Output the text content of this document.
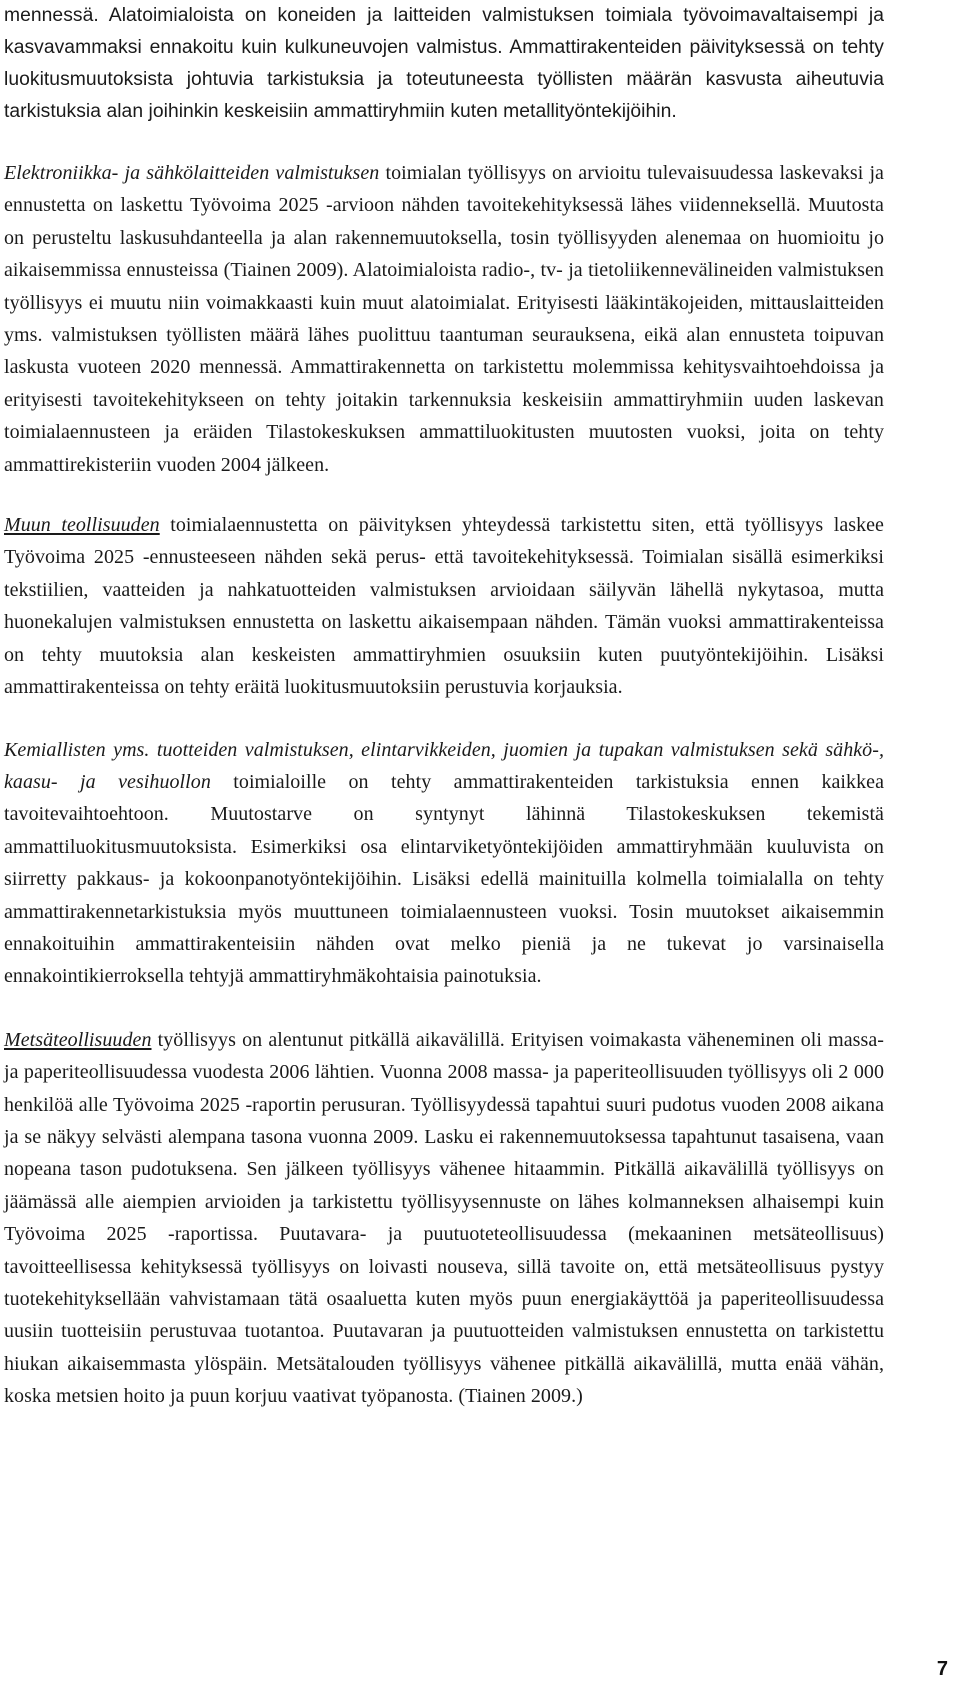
mennessä. Alatoimialoista on koneiden ja laitteiden valmistuksen toimiala työvoimavaltaisempi ja kasvavammaksi ennakoitu kuin kulkuneuvojen valmistus. Ammattirakenteiden päivityksessä on tehty luokitusmuutoksista johtuvia tarkistuksia ja toteutuneesta työllisten määrän kasvusta aiheutuvia tarkistuksia alan joihinkin keskeisiin ammattiryhmiin kuten metallityöntekijöihin.

Elektroniikka- ja sähkölaitteiden valmistuksen toimialan työllisyys on arvioitu tulevaisuudessa laskevaksi ja ennustetta on laskettu Työvoima 2025 -arvioon nähden tavoitekehityksessä lähes viidenneksellä. Muutosta on perusteltu laskusuhdanteella ja alan rakennemuutoksella, tosin työllisyyden alenemaa on huomioitu jo aikaisemmissa ennusteissa (Tiainen 2009). Alatoimialoista radio-, tv- ja tietoliikennevälineiden valmistuksen työllisyys ei muutu niin voimakkaasti kuin muut alatoimialat. Erityisesti lääkintäkojeiden, mittauslaitteiden yms. valmistuksen työllisten määrä lähes puolittuu taantuman seurauksena, eikä alan ennusteta toipuvan laskusta vuoteen 2020 mennessä. Ammattirakennetta on tarkistettu molemmissa kehitysvaihtoehdoissa ja erityisesti tavoitekehitykseen on tehty joitakin tarkennuksia keskeisiin ammattiryhmiin uuden laskevan toimialaennusteen ja eräiden Tilastokeskuksen ammattiluokitusten muutosten vuoksi, joita on tehty ammattirekisteriin vuoden 2004 jälkeen.

Muun teollisuuden toimialaennustetta on päivityksen yhteydessä tarkistettu siten, että työllisyys laskee Työvoima 2025 -ennusteeseen nähden sekä perus- että tavoitekehityksessä. Toimialan sisällä esimerkiksi tekstiilien, vaatteiden ja nahkatuotteiden valmistuksen arvioidaan säilyvän lähellä nykytasoa, mutta huonekalujen valmistuksen ennustetta on laskettu aikaisempaan nähden. Tämän vuoksi ammattirakenteissa on tehty muutoksia alan keskeisten ammattiryhmien osuuksiin kuten puutyöntekijöihin. Lisäksi ammattirakenteissa on tehty eräitä luokitusmuutoksiin perustuvia korjauksia.

Kemiallisten yms. tuotteiden valmistuksen, elintarvikkeiden, juomien ja tupakan valmistuksen sekä sähkö-, kaasu- ja vesihuollon toimialoille on tehty ammattirakenteiden tarkistuksia ennen kaikkea tavoitevaihtoehtoon. Muutostarve on syntynyt lähinnä Tilastokeskuksen tekemistä ammattiluokitusmuutoksista. Esimerkiksi osa elintarviketyöntekijöiden ammattiryhmään kuuluvista on siirretty pakkaus- ja kokoonpanotyöntekijöihin. Lisäksi edellä mainituilla kolmella toimialalla on tehty ammattirakennetarkistuksia myös muuttuneen toimialaennusteen vuoksi. Tosin muutokset aikaisemmin ennakoituihin ammattirakenteisiin nähden ovat melko pieniä ja ne tukevat jo varsinaisella ennakointikierroksella tehtyjä ammattiryhmäkohtaisia painotuksia.

Metsäteollisuuden työllisyys on alentunut pitkällä aikavälillä. Erityisen voimakasta väheneminen oli massa- ja paperiteollisuudessa vuodesta 2006 lähtien. Vuonna 2008 massa- ja paperiteollisuuden työllisyys oli 2 000 henkilöä alle Työvoima 2025 -raportin perusuran. Työllisyydessä tapahtui suuri pudotus vuoden 2008 aikana ja se näkyy selvästi alempana tasona vuonna 2009. Lasku ei rakennemuutoksessa tapahtunut tasaisena, vaan nopeana tason pudotuksena. Sen jälkeen työllisyys vähenee hitaammin. Pitkällä aikavälillä työllisyys on jäämässä alle aiempien arvioiden ja tarkistettu työllisyysennuste on lähes kolmanneksen alhaisempi kuin Työvoima 2025 -raportissa. Puutavara- ja puutuoteteollisuudessa (mekaaninen metsäteollisuus) tavoitteellisessa kehityksessä työllisyys on loivasti nouseva, sillä tavoite on, että metsäteollisuus pystyy tuotekehityksellään vahvistamaan tätä osaaluetta kuten myös puun energiakäyttöä ja paperiteollisuudessa uusiin tuotteisiin perustuvaa tuotantoa. Puutavaran ja puutuotteiden valmistuksen ennustetta on tarkistettu hiukan aikaisemmasta ylöspäin. Metsätalouden työllisyys vähenee pitkällä aikavälillä, mutta enää vähän, koska metsien hoito ja puun korjuu vaativat työpanosta. (Tiainen 2009.)

7
